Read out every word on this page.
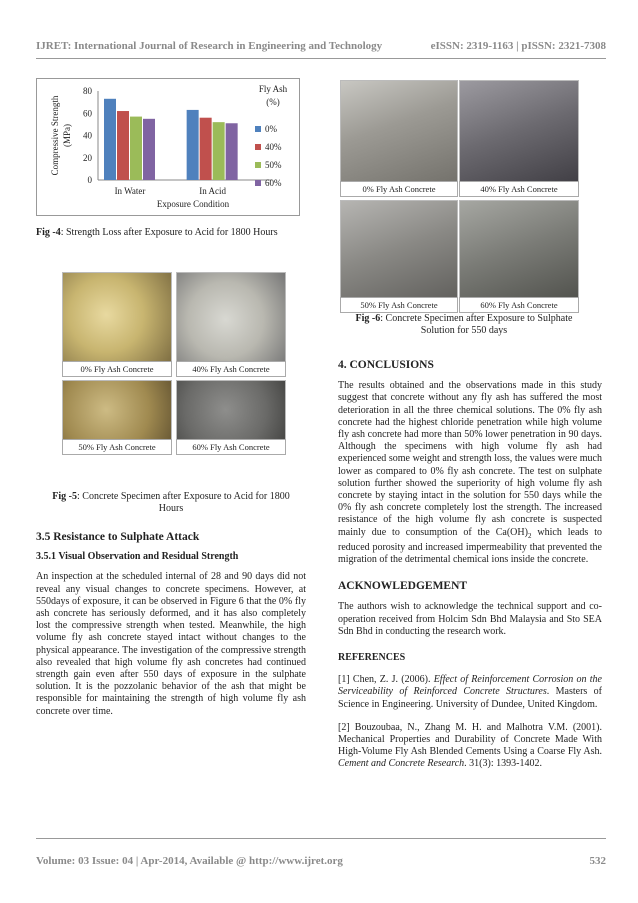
IJRET: International Journal of Research in Engineering and Technology	eISSN: 2319-1163 | pISSN: 2321-7308
0
20
40
60
80
Compressive Strength (MPa)
In Water	In Acid
Exposure Condition
Fly Ash
(%)
0%
40%
50%
60%
Fig -4: Strength Loss after Exposure to Acid for 1800 Hours
0% Fly Ash Concrete	40% Fly Ash Concrete
50% Fly Ash Concrete	60% Fly Ash Concrete
Fig -5: Concrete Specimen after Exposure to Acid for 1800
Hours
3.5 Resistance to Sulphate Attack
3.5.1 Visual Observation and Residual Strength

An inspection at the scheduled internal of 28 and 90 days did not reveal any visual changes to concrete specimens. However, at 550days of exposure, it can be observed in Figure 6 that the 0% fly ash concrete has seriously deformed, and it has also completely lost the compressive strength when tested. Meanwhile, the high volume fly ash concrete stayed intact without changes to the physical appearance. The investigation of the compressive strength also revealed that high volume fly ash concretes had continued strength gain even after 550 days of exposure in the sulphate solution. It is the pozzolanic behavior of the ash that might be responsible for maintaining the strength of high volume fly ash concrete over time.

0% Fly Ash Concrete	40% Fly Ash Concrete
50% Fly Ash Concrete	60% Fly Ash Concrete
Fig -6: Concrete Specimen after Exposure to Sulphate
Solution for 550 days
4. CONCLUSIONS

The results obtained and the observations made in this study suggest that concrete without any fly ash has suffered the most deterioration in all the three chemical solutions. The 0% fly ash concrete had the highest chloride penetration while high volume fly ash concrete had more than 50% lower penetration in 90 days. Although the specimens with high volume fly ash had experienced some weight and strength loss, the values were much lower as compared to 0% fly ash concrete. The test on sulphate solution further showed the superiority of high volume fly ash concrete by staying intact in the solution for 550 days while the 0% fly ash concrete completely lost the strength. The increased resistance of the high volume fly ash concrete is suspected mainly due to consumption of the $Ca(OH)_2$ which leads to reduced porosity and increased impermeability that prevented the migration of the detrimental chemical ions inside the concrete.

ACKNOWLEDGEMENT

The authors wish to acknowledge the technical support and co-operation received from Holcim Sdn Bhd Malaysia and Sto SEA Sdn Bhd in conducting the research work.

REFERENCES

[1] Chen, Z. J. (2006). Effect of Reinforcement Corrosion on the Serviceability of Reinforced Concrete Structures. Masters of Science in Engineering. University of Dundee, United Kingdom.

[2] Bouzoubaa, N., Zhang M. H. and Malhotra V.M. (2001). Mechanical Properties and Durability of Concrete Made With High-Volume Fly Ash Blended Cements Using a Coarse Fly Ash. Cement and Concrete Research. 31(3): 1393-1402.

Volume: 03 Issue: 04 | Apr-2014, Available @ http://www.ijret.org	532
